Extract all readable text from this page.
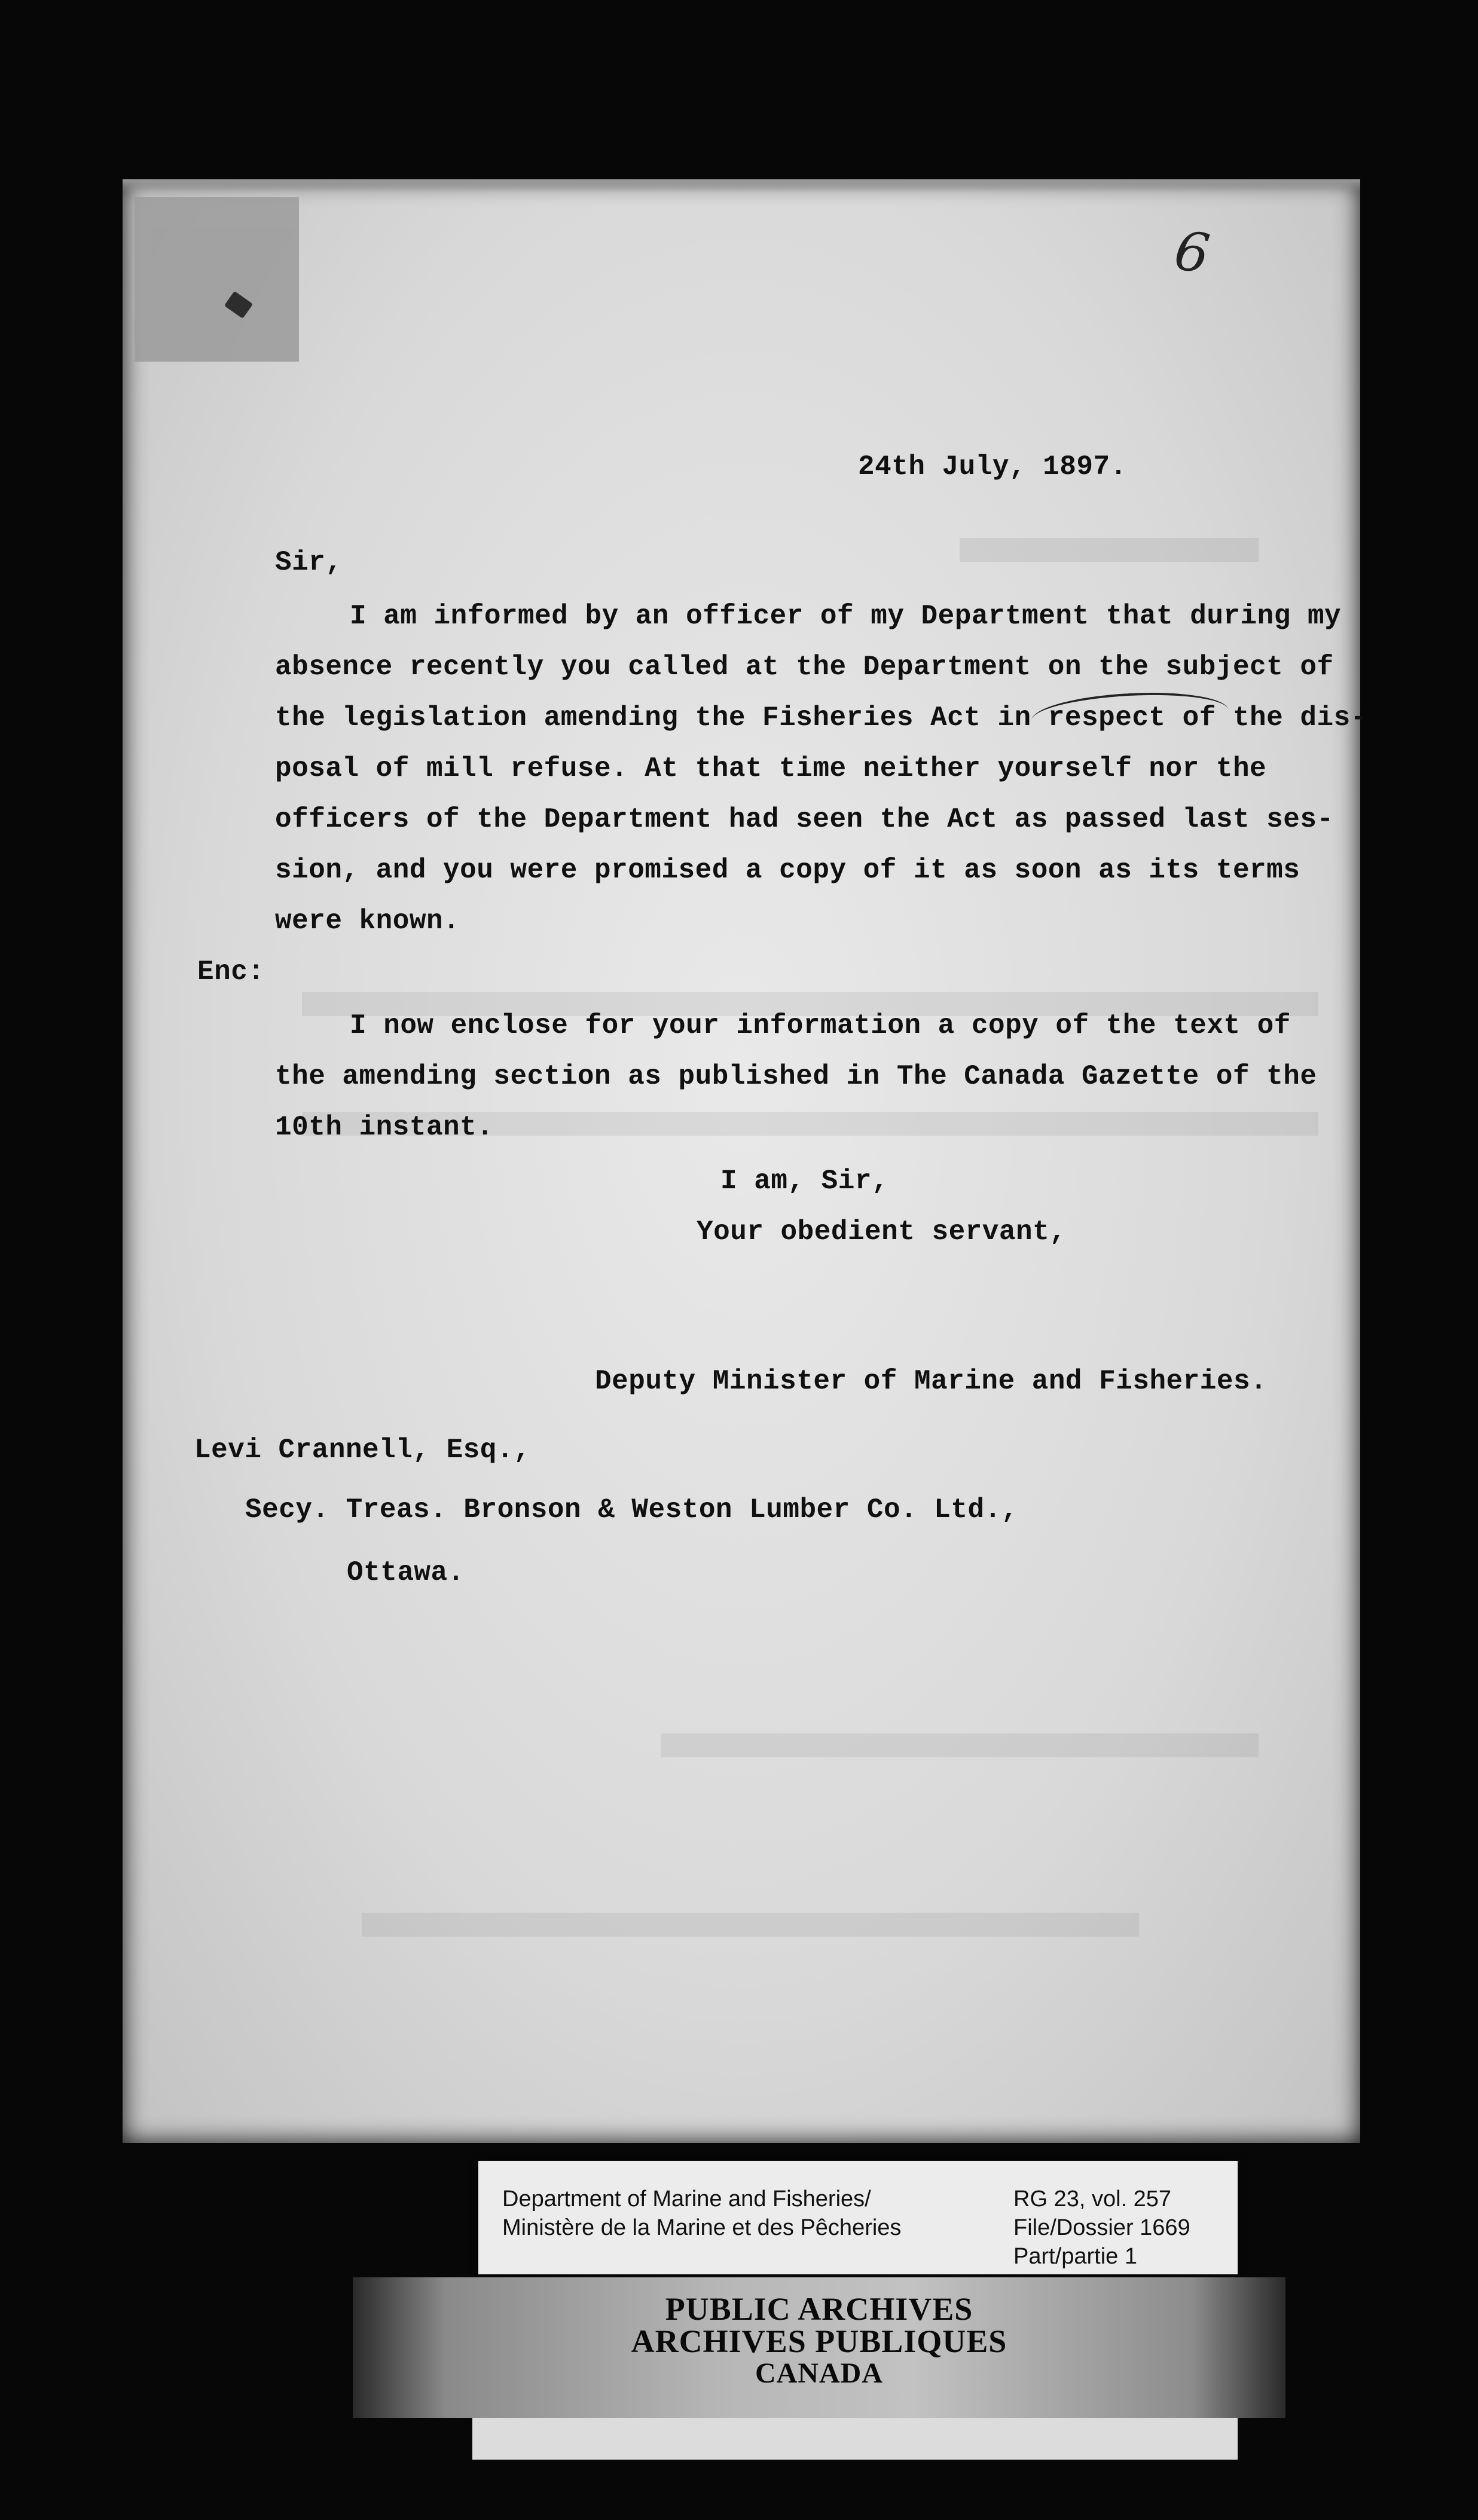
6
24th July, 1897.
Sir,
I am informed by an officer of my Department that during my
absence recently you called at the Department on the subject of
the legislation amending the Fisheries Act in respect of the dis-
posal of mill refuse. At that time neither yourself nor the
officers of the Department had seen the Act as passed last ses-
sion, and you were promised a copy of it as soon as its terms
were known.
Enc:
I now enclose for your information a copy of the text of
the amending section as published in The Canada Gazette of the
10th instant.
I am, Sir,
Your obedient servant,
Deputy Minister of Marine and Fisheries.
Levi Crannell, Esq.,
Secy. Treas. Bronson & Weston Lumber Co. Ltd.,
Ottawa.
Department of Marine and Fisheries/
Ministère de la Marine et des Pêcheries
RG 23, vol. 257
File/Dossier 1669
Part/partie 1
PUBLIC ARCHIVES
ARCHIVES PUBLIQUES
CANADA
